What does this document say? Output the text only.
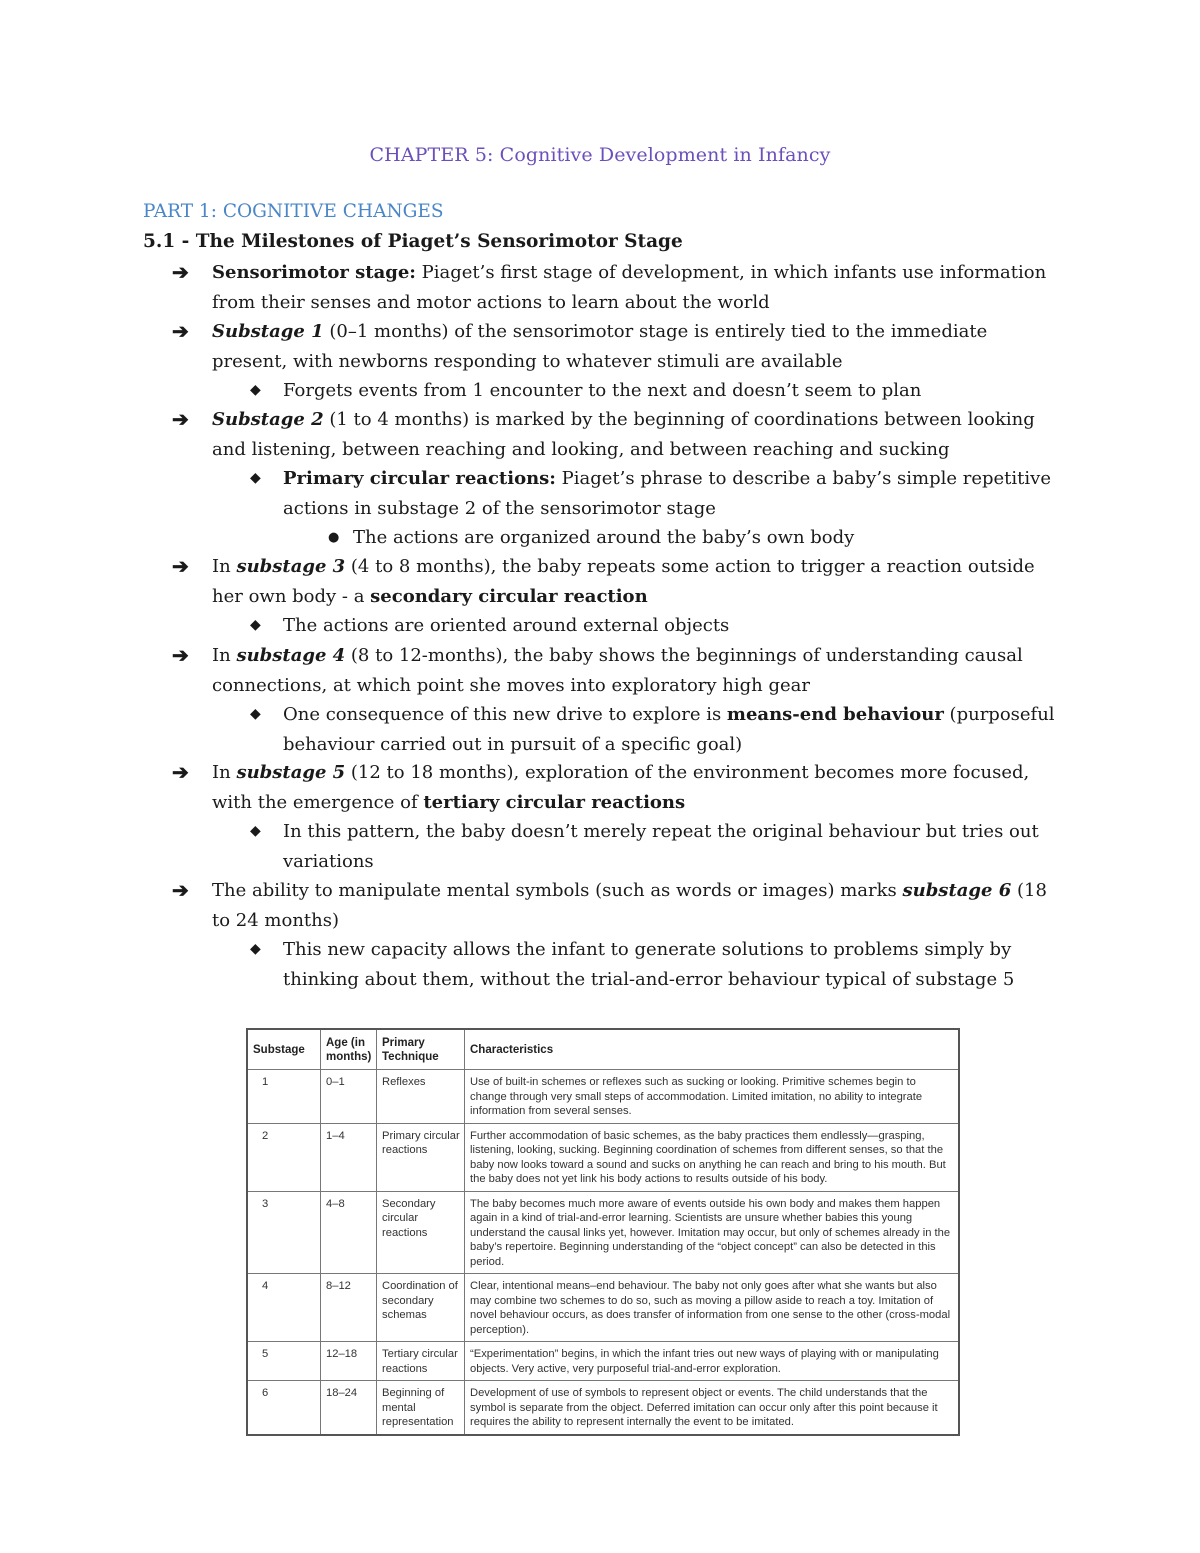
CHAPTER 5: Cognitive Development in Infancy
PART 1: COGNITIVE CHANGES
5.1 - The Milestones of Piaget’s Sensorimotor Stage
➔ Sensorimotor stage: Piaget’s first stage of development, in which infants use information from their senses and motor actions to learn about the world
➔ Substage 1 (0–1 months) of the sensorimotor stage is entirely tied to the immediate present, with newborns responding to whatever stimuli are available
◆ Forgets events from 1 encounter to the next and doesn’t seem to plan
➔ Substage 2 (1 to 4 months) is marked by the beginning of coordinations between looking and listening, between reaching and looking, and between reaching and sucking
◆ Primary circular reactions: Piaget’s phrase to describe a baby’s simple repetitive actions in substage 2 of the sensorimotor stage
● The actions are organized around the baby’s own body
➔ In substage 3 (4 to 8 months), the baby repeats some action to trigger a reaction outside her own body - a secondary circular reaction
◆ The actions are oriented around external objects
➔ In substage 4 (8 to 12-months), the baby shows the beginnings of understanding causal connections, at which point she moves into exploratory high gear
◆ One consequence of this new drive to explore is means-end behaviour (purposeful behaviour carried out in pursuit of a specific goal)
➔ In substage 5 (12 to 18 months), exploration of the environment becomes more focused, with the emergence of tertiary circular reactions
◆ In this pattern, the baby doesn’t merely repeat the original behaviour but tries out variations
➔ The ability to manipulate mental symbols (such as words or images) marks substage 6 (18 to 24 months)
◆ This new capacity allows the infant to generate solutions to problems simply by thinking about them, without the trial-and-error behaviour typical of substage 5
Substage	Age (in months)	Primary Technique	Characteristics
1	0–1	Reflexes	Use of built-in schemes or reflexes such as sucking or looking. Primitive schemes begin to change through very small steps of accommodation. Limited imitation, no ability to integrate information from several senses.
2	1–4	Primary circular reactions	Further accommodation of basic schemes, as the baby practices them endlessly—grasping, listening, looking, sucking. Beginning coordination of schemes from different senses, so that the baby now looks toward a sound and sucks on anything he can reach and bring to his mouth. But the baby does not yet link his body actions to results outside of his body.
3	4–8	Secondary circular reactions	The baby becomes much more aware of events outside his own body and makes them happen again in a kind of trial-and-error learning. Scientists are unsure whether babies this young understand the causal links yet, however. Imitation may occur, but only of schemes already in the baby’s repertoire. Beginning understanding of the “object concept” can also be detected in this period.
4	8–12	Coordination of secondary schemas	Clear, intentional means–end behaviour. The baby not only goes after what she wants but also may combine two schemes to do so, such as moving a pillow aside to reach a toy. Imitation of novel behaviour occurs, as does transfer of information from one sense to the other (cross-modal perception).
5	12–18	Tertiary circular reactions	“Experimentation” begins, in which the infant tries out new ways of playing with or manipulating objects. Very active, very purposeful trial-and-error exploration.
6	18–24	Beginning of mental representation	Development of use of symbols to represent object or events. The child understands that the symbol is separate from the object. Deferred imitation can occur only after this point because it requires the ability to represent internally the event to be imitated.
